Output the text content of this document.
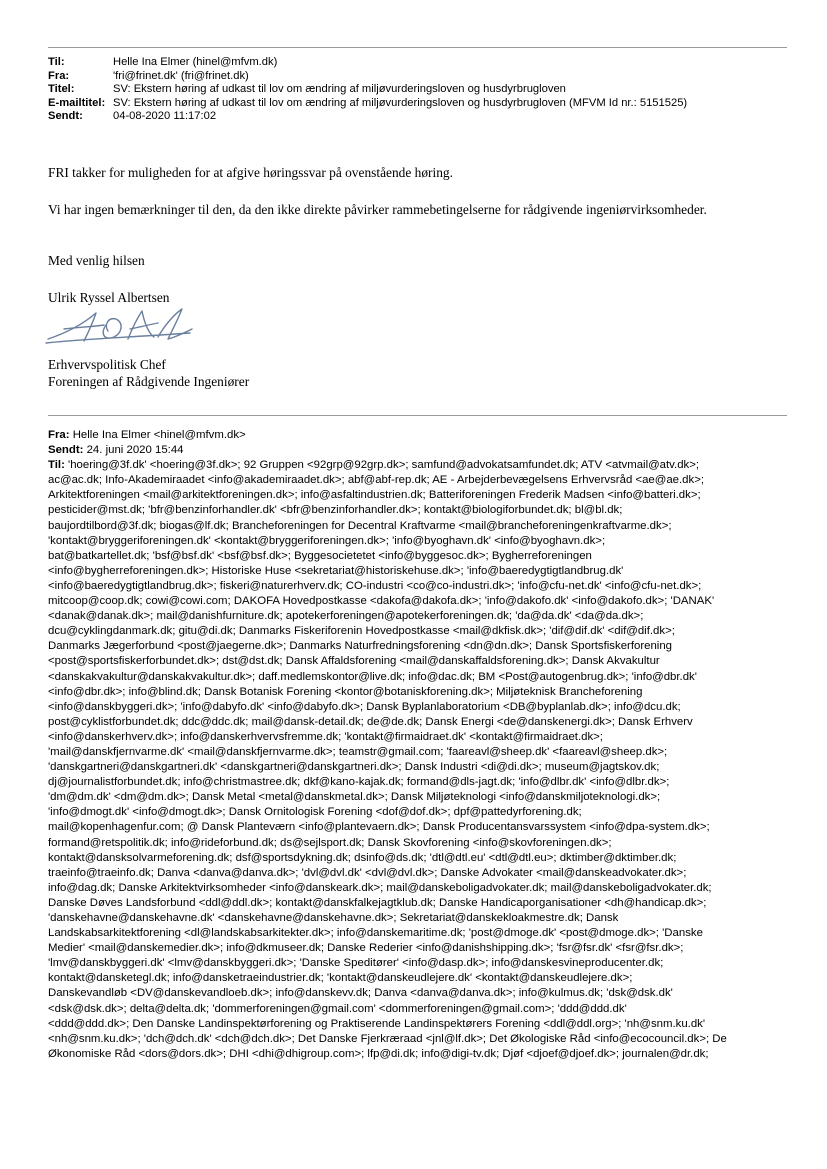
Til:	Helle Ina Elmer (hinel@mfvm.dk)
Fra:	'fri@frinet.dk' (fri@frinet.dk)
Titel:	SV: Ekstern høring af udkast til lov om ændring af miljøvurderingsloven og husdyrbrugloven
E-mailtitel: SV: Ekstern høring af udkast til lov om ændring af miljøvurderingsloven og husdyrbrugloven (MFVM Id nr.: 5151525)
Sendt:	04-08-2020 11:17:02
FRI takker for muligheden for at afgive høringssvar på ovenstående høring.
Vi har ingen bemærkninger til den, da den ikke direkte påvirker rammebetingelserne for rådgivende ingeniørvirksomheder.
Med venlig hilsen
Ulrik Ryssel Albertsen
Erhvervspolitisk Chef
Foreningen af Rådgivende Ingeniører
Fra: Helle Ina Elmer <hinel@mfvm.dk>
Sendt: 24. juni 2020 15:44
Til: 'hoering@3f.dk' <hoering@3f.dk>; 92 Gruppen <92grp@92grp.dk>; samfund@advokatsamfundet.dk; ATV <atvmail@atv.dk>;
ac@ac.dk; Info-Akademiraadet <info@akademiraadet.dk>; abf@abf-rep.dk; AE - Arbejderbevægelsens Erhvervsråd <ae@ae.dk>;
Arkitektforeningen <mail@arkitektforeningen.dk>; info@asfaltindustrien.dk; Batteriforeningen Frederik Madsen <info@batteri.dk>;
pesticider@mst.dk; 'bfr@benzinforhandler.dk' <bfr@benzinforhandler.dk>; kontakt@biologiforbundet.dk; bl@bl.dk;
baujordtilbord@3f.dk; biogas@lf.dk; Brancheforeningen for Decentral Kraftvarme <mail@brancheforeningenkraftvarme.dk>;
'kontakt@bryggeriforeningen.dk' <kontakt@bryggeriforeningen.dk>; 'info@byoghavn.dk' <info@byoghavn.dk>;
bat@batkartellet.dk; 'bsf@bsf.dk' <bsf@bsf.dk>; Byggesocietetet <info@byggesoc.dk>; Bygherreforeningen
<info@bygherreforeningen.dk>; Historiske Huse <sekretariat@historiskehuse.dk>; 'info@baeredygtigtlandbrug.dk'
<info@baeredygtigtlandbrug.dk>; fiskeri@naturerhverv.dk; CO-industri <co@co-industri.dk>; 'info@cfu-net.dk' <info@cfu-net.dk>;
mitcoop@coop.dk; cowi@cowi.com; DAKOFA Hovedpostkasse <dakofa@dakofa.dk>; 'info@dakofo.dk' <info@dakofo.dk>; 'DANAK'
<danak@danak.dk>; mail@danishfurniture.dk; apotekerforeningen@apotekerforeningen.dk; 'da@da.dk' <da@da.dk>;
dcu@cyklingdanmark.dk; gitu@di.dk; Danmarks Fiskeriforenin Hovedpostkasse <mail@dkfisk.dk>; 'dif@dif.dk' <dif@dif.dk>;
Danmarks Jægerforbund <post@jaegerne.dk>; Danmarks Naturfredningsforening <dn@dn.dk>; Dansk Sportsfiskerforening
<post@sportsfiskerforbundet.dk>; dst@dst.dk; Dansk Affaldsforening <mail@danskaffaldsforening.dk>; Dansk Akvakultur
<danskakvakultur@danskakvakultur.dk>; daff.medlemskontor@live.dk; info@dac.dk; BM <Post@autogenbrug.dk>; 'info@dbr.dk'
<info@dbr.dk>; info@blind.dk; Dansk Botanisk Forening <kontor@botaniskforening.dk>; Miljøteknisk Brancheforening
<info@danskbyggeri.dk>; 'info@dabyfo.dk' <info@dabyfo.dk>; Dansk Byplanlaboratorium <DB@byplanlab.dk>; info@dcu.dk;
post@cyklistforbundet.dk; ddc@ddc.dk; mail@dansk-detail.dk; de@de.dk; Dansk Energi <de@danskenergi.dk>; Dansk Erhverv
<info@danskerhverv.dk>; info@danskerhvervsfremme.dk; 'kontakt@firmaidraet.dk' <kontakt@firmaidraet.dk>;
'mail@danskfjernvarme.dk' <mail@danskfjernvarme.dk>; teamstr@gmail.com; 'faareavl@sheep.dk' <faareavl@sheep.dk>;
'danskgartneri@danskgartneri.dk' <danskgartneri@danskgartneri.dk>; Dansk Industri <di@di.dk>; museum@jagtskov.dk;
dj@journalistforbundet.dk; info@christmastree.dk; dkf@kano-kajak.dk; formand@dls-jagt.dk; 'info@dlbr.dk' <info@dlbr.dk>;
'dm@dm.dk' <dm@dm.dk>; Dansk Metal <metal@danskmetal.dk>; Dansk Miljøteknologi <info@danskmiljoteknologi.dk>;
'info@dmogt.dk' <info@dmogt.dk>; Dansk Ornitologisk Forening <dof@dof.dk>; dpf@pattedyrforening.dk;
mail@kopenhagenfur.com; @ Dansk Planteværn <info@plantevaern.dk>; Dansk Producentansvarssystem <info@dpa-system.dk>;
formand@retspolitik.dk; info@rideforbund.dk; ds@sejlsport.dk; Dansk Skovforening <info@skovforeningen.dk>;
kontakt@dansksolvarmeforening.dk; dsf@sportsdykning.dk; dsinfo@ds.dk; 'dtl@dtl.eu' <dtl@dtl.eu>; dktimber@dktimber.dk;
traeinfo@traeinfo.dk; Danva <danva@danva.dk>; 'dvl@dvl.dk' <dvl@dvl.dk>; Danske Advokater <mail@danskeadvokater.dk>;
info@dag.dk; Danske Arkitektvirksomheder <info@danskeark.dk>; mail@danskeboligadvokater.dk; mail@danskeboligadvokater.dk;
Danske Døves Landsforbund <ddl@ddl.dk>; kontakt@danskfalkejagtklub.dk; Danske Handicaporganisationer <dh@handicap.dk>;
'danskehavne@danskehavne.dk' <danskehavne@danskehavne.dk>; Sekretariat@danskekloakmestre.dk; Dansk
Landskabsarkitektforening <dl@landskabsarkitekter.dk>; info@danskemaritime.dk; 'post@dmoge.dk' <post@dmoge.dk>; 'Danske
Medier' <mail@danskemedier.dk>; info@dkmuseer.dk; Danske Rederier <info@danishshipping.dk>; 'fsr@fsr.dk' <fsr@fsr.dk>;
'lmv@danskbyggeri.dk' <lmv@danskbyggeri.dk>; 'Danske Speditører' <info@dasp.dk>; info@danskesvineproducenter.dk;
kontakt@dansketegl.dk; info@dansketraeindustrier.dk; 'kontakt@danskeudlejere.dk' <kontakt@danskeudlejere.dk>;
Danskevandløb <DV@danskevandloeb.dk>; info@danskevv.dk; Danva <danva@danva.dk>; info@kulmus.dk; 'dsk@dsk.dk'
<dsk@dsk.dk>; delta@delta.dk; 'dommerforeningen@gmail.com' <dommerforeningen@gmail.com>; 'ddd@ddd.dk'
<ddd@ddd.dk>; Den Danske Landinspektørforening og Praktiserende Landinspektørers Forening <ddl@ddl.org>; 'nh@snm.ku.dk'
<nh@snm.ku.dk>; 'dch@dch.dk' <dch@dch.dk>; Det Danske Fjerkræraad <jnl@lf.dk>; Det Økologiske Råd <info@ecocouncil.dk>; De
Økonomiske Råd <dors@dors.dk>; DHI <dhi@dhigroup.com>; lfp@di.dk; info@digi-tv.dk; Djøf <djoef@djoef.dk>; journalen@dr.dk;
